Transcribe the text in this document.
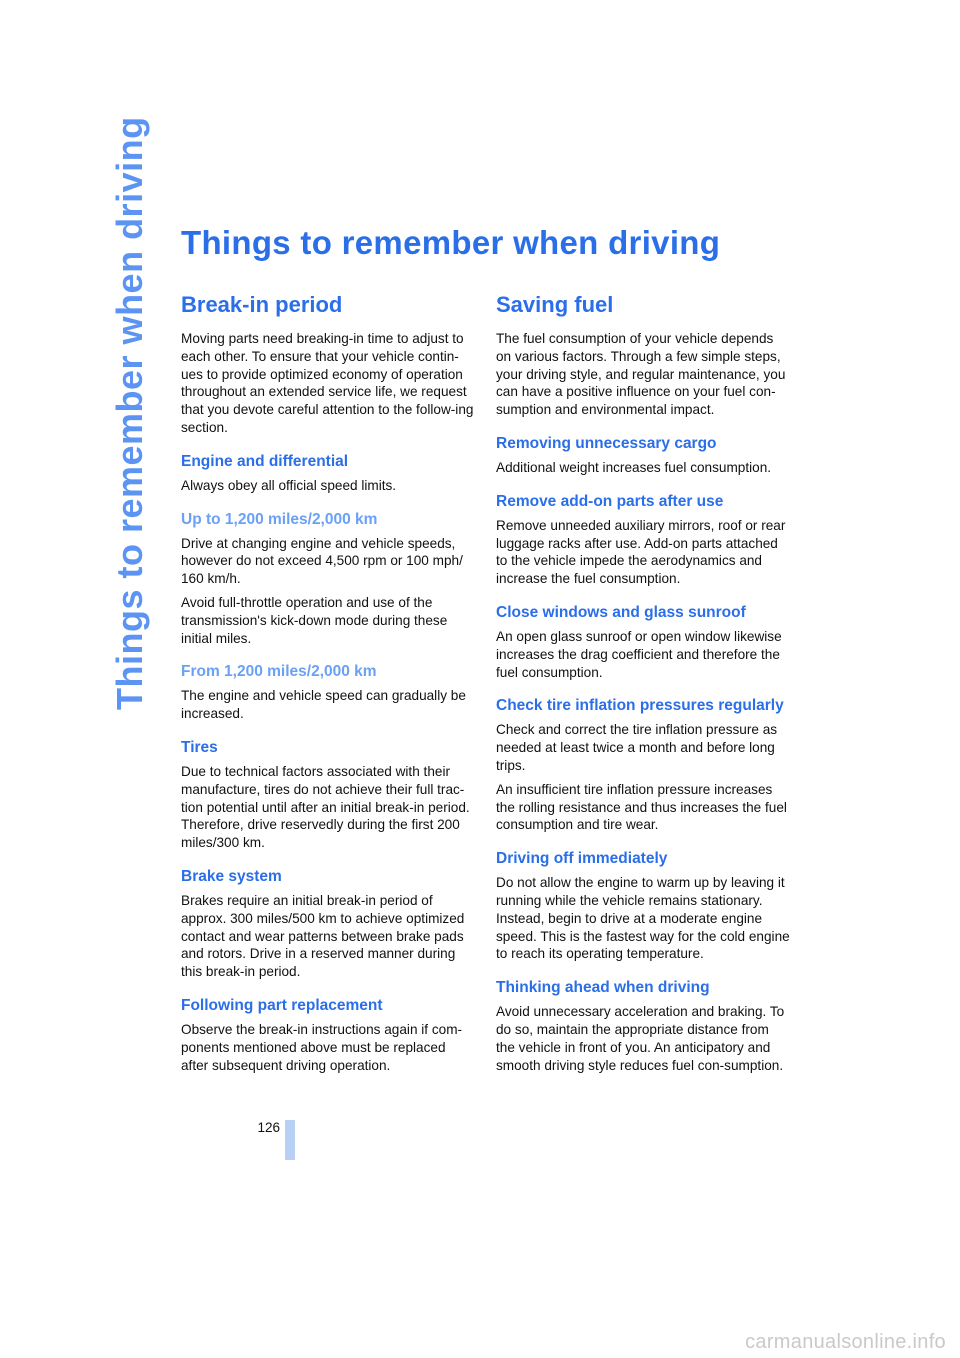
Things to remember when driving Things to remember when driving
Break-in period

Moving parts need breaking-in time to adjust to each other. To ensure that your vehicle contin-ues to provide optimized economy of operation throughout an extended service life, we request that you devote careful attention to the follow-ing section.

Engine and differential

Always obey all official speed limits.

Up to 1,200 miles/2,000 km

Drive at changing engine and vehicle speeds, however do not exceed 4,500 rpm or 100 mph/ 160 km/h.

Avoid full-throttle operation and use of the transmission's kick-down mode during these initial miles.

From 1,200 miles/2,000 km

The engine and vehicle speed can gradually be increased.

Tires

Due to technical factors associated with their manufacture, tires do not achieve their full trac-tion potential until after an initial break-in period. Therefore, drive reservedly during the first 200 miles/300 km.

Brake system

Brakes require an initial break-in period of approx. 300 miles/500 km to achieve optimized contact and wear patterns between brake pads and rotors. Drive in a reserved manner during this break-in period.

Following part replacement

Observe the break-in instructions again if com-ponents mentioned above must be replaced after subsequent driving operation.

Saving fuel

The fuel consumption of your vehicle depends on various factors. Through a few simple steps, your driving style, and regular maintenance, you can have a positive influence on your fuel con-sumption and environmental impact.

Removing unnecessary cargo

Additional weight increases fuel consumption.

Remove add-on parts after use

Remove unneeded auxiliary mirrors, roof or rear luggage racks after use. Add-on parts attached to the vehicle impede the aerodynamics and increase the fuel consumption.

Close windows and glass sunroof

An open glass sunroof or open window likewise increases the drag coefficient and therefore the fuel consumption.

Check tire inflation pressures regularly

Check and correct the tire inflation pressure as needed at least twice a month and before long trips.

An insufficient tire inflation pressure increases the rolling resistance and thus increases the fuel consumption and tire wear.

Driving off immediately

Do not allow the engine to warm up by leaving it running while the vehicle remains stationary. Instead, begin to drive at a moderate engine speed. This is the fastest way for the cold engine to reach its operating temperature.

Thinking ahead when driving

Avoid unnecessary acceleration and braking. To do so, maintain the appropriate distance from the vehicle in front of you. An anticipatory and smooth driving style reduces fuel con-sumption.

126
carmanualsonline.info
